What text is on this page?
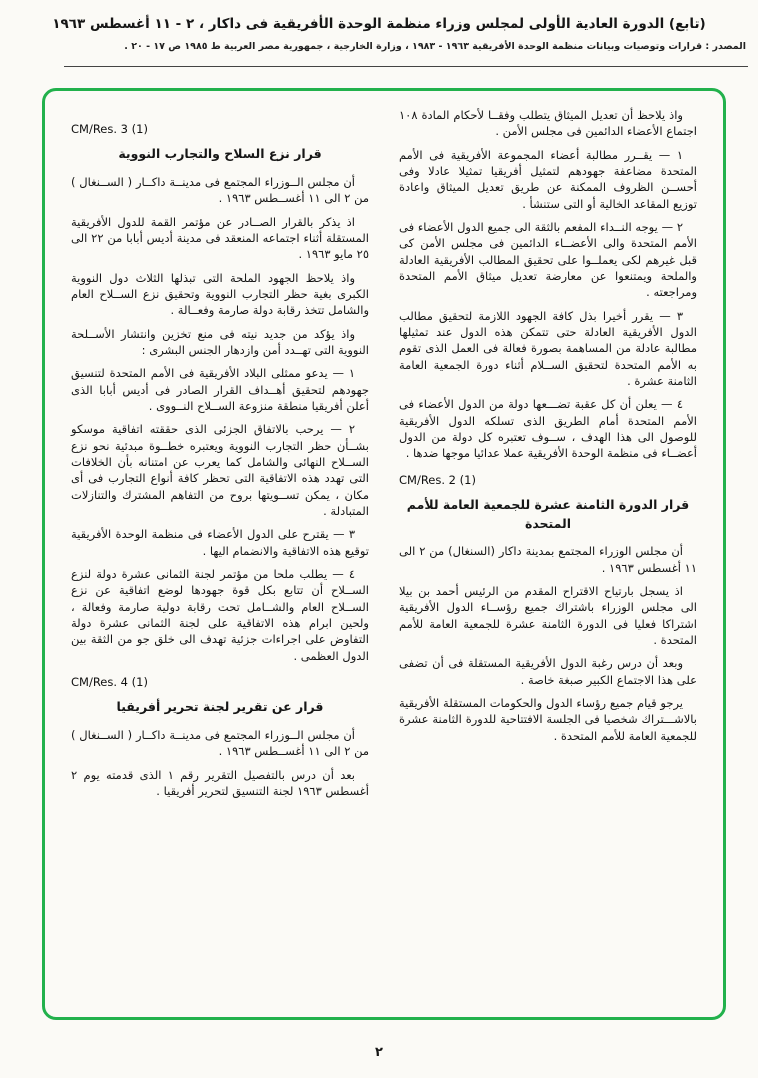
(تابع) الدورة العادية الأولى لمجلس وزراء منظمة الوحدة الأفريقية فى داكار ، ٢ - ١١ أغسطس ١٩٦٣
المصدر : قرارات وتوصيات وبيانات منظمة الوحدة الأفريقية ١٩٦٣ - ١٩٨٣ ، وزارة الخارجية ، جمهورية مصر العربية ط ١٩٨٥ ص ١٧ - ٢٠ .

واذ يلاحظ أن تعديل الميثاق يتطلب وفقــا لأحكام المادة ١٠٨ اجتماع الأعضاء الدائمين فى مجلس الأمن .

١ — يقــرر مطالبة أعضاء المجموعة الأفريقية فى الأمم المتحدة مضاعفة جهودهم لتمثيل أفريقيا تمثيلا عادلا وفى أحســن الظروف الممكنة عن طريق تعديل الميثاق واعادة توزيع المقاعد الخالية أو التى ستنشأ .

٢ — يوجه النــداء المفعم بالثقة الى جميع الدول الأعضاء فى الأمم المتحدة والى الأعضــاء الدائمين فى مجلس الأمن كى قبل غيرهم لكى يعملــوا على تحقيق المطالب الأفريقية العادلة والملحة ويمتنعوا عن معارضة تعديل ميثاق الأمم المتحدة ومراجعته .

٣ — يقرر أخيرا بذل كافة الجهود اللازمة لتحقيق مطالب الدول الأفريقية العادلة حتى تتمكن هذه الدول عند تمثيلها مطالبة عادلة من المساهمة بصورة فعالة فى العمل الذى تقوم به الأمم المتحدة لتحقيق الســلام أثناء دورة الجمعية العامة الثامنة عشرة .

٤ — يعلن أن كل عقبة تضـــعها دولة من الدول الأعضاء فى الأمم المتحدة أمام الطريق الذى تسلكه الدول الأفريقية للوصول الى هذا الهدف ، ســوف تعتبره كل دولة من الدول أعضــاء فى منظمة الوحدة الأفريقية عملا عدائيا موجها ضدها .

CM/Res. 2 (1)
قرار الدورة الثامنة عشرة للجمعية العامة للأمم المتحدة

أن مجلس الوزراء المجتمع بمدينة داكار (السنغال) من ٢ الى ١١ أغسطس ١٩٦٣ .

اذ يسجل بارتياح الاقتراح المقدم من الرئيس أحمد بن بيلا الى مجلس الوزراء باشتراك جميع رؤســاء الدول الأفريقية اشتراكا فعليا فى الدورة الثامنة عشرة للجمعية العامة للأمم المتحدة .

وبعد أن درس رغبة الدول الأفريقية المستقلة فى أن تضفى على هذا الاجتماع الكبير صبغة خاصة .

يرجو قيام جميع رؤساء الدول والحكومات المستقلة الأفريقية بالاشـــتراك شخصيا فى الجلسة الافتتاحية للدورة الثامنة عشرة للجمعية العامة للأمم المتحدة .

CM/Res. 3 (1)
قرار نزع السلاح والتجارب النووية

أن مجلس الــوزراء المجتمع فى مدينــة داكــار ( الســنغال ) من ٢ الى ١١ أغســطس ١٩٦٣ .

اذ يذكر بالقرار الصــادر عن مؤتمر القمة للدول الأفريقية المستقلة أثناء اجتماعه المنعقد فى مدينة أديس أبابا من ٢٢ الى ٢٥ مايو ١٩٦٣ .

واذ يلاحظ الجهود الملحة التى تبذلها الثلاث دول النووية الكبرى بغية حظر التجارب النووية وتحقيق نزع الســلاح العام والشامل تتخذ رقابة دولة صارمة وفعــالة .

واذ يؤكد من جديد نيته فى منع تخزين وانتشار الأســلحة النووية التى تهــدد أمن وازدهار الجنس البشرى :

١ — يدعو ممثلى البلاد الأفريقية فى الأمم المتحدة لتنسيق جهودهم لتحقيق أهــداف القرار الصادر فى أديس أبابا الذى أعلن أفريقيا منطقة منزوعة الســلاح النــووى .

٢ — يرحب بالاتفاق الجزئى الذى حققته اتفاقية موسكو بشــأن حظر التجارب النووية ويعتبره خطــوة مبدئية نحو نزع الســلاح النهائى والشامل كما يعرب عن امتنانه بأن الخلافات التى تهدد هذه الاتفاقية التى تحظر كافة أنواع التجارب فى أى مكان ، يمكن تســويتها بروح من التفاهم المشترك والتنازلات المتبادلة .

٣ — يقترح على الدول الأعضاء فى منظمة الوحدة الأفريقية توقيع هذه الاتفاقية والانضمام اليها .

٤ — يطلب ملحا من مؤتمر لجنة الثمانى عشرة دولة لنزع الســلاح أن تتابع بكل قوة جهودها لوضع اتفاقية عن نزع الســلاح العام والشــامل تحت رقابة دولية صارمة وفعالة ، ولحين ابرام هذه الاتفاقية على لجنة الثمانى عشرة دولة التفاوض على اجراءات جزئية تهدف الى خلق جو من الثقة بين الدول العظمى .

CM/Res. 4 (1)
قرار عن تقرير لجنة تحرير أفريقيا

أن مجلس الــوزراء المجتمع فى مدينــة داكــار ( الســنغال ) من ٢ الى ١١ أغســطس ١٩٦٣ .

بعد أن درس بالتفصيل التقرير رقم ١ الذى قدمته يوم ٢ أغسطس ١٩٦٣ لجنة التنسيق لتحرير أفريقيا .

٢
